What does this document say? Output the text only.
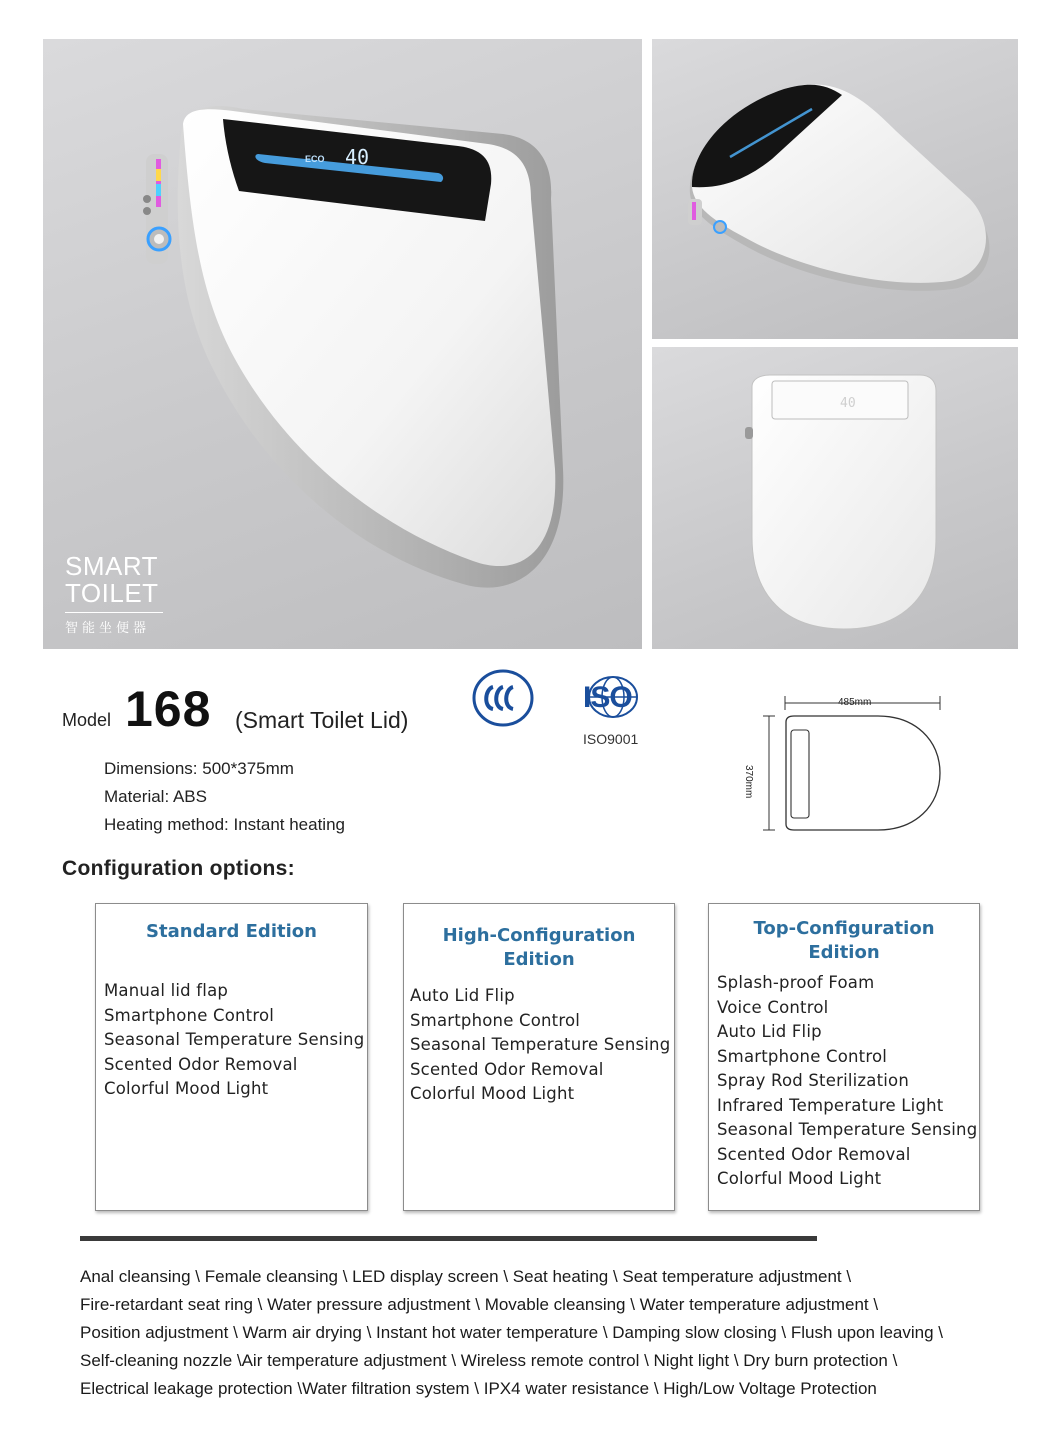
ECO 40
SMART
TOILET
智能坐便器
40
Model 168 (Smart Toilet Lid)
ISO
ISO9001
Dimensions: 500*375mm
Material: ABS
Heating method: Instant heating
485mm
370mm
Configuration options:
Standard Edition
Manual lid flap
Smartphone Control
Seasonal Temperature Sensing
Scented Odor Removal
Colorful Mood Light
High-Configuration
Edition
Auto Lid Flip
Smartphone Control
Seasonal Temperature Sensing
Scented Odor Removal
Colorful Mood Light
Top-Configuration
Edition
Splash-proof Foam
Voice Control
Auto Lid Flip
Smartphone Control
Spray Rod Sterilization
Infrared Temperature Light
Seasonal Temperature Sensing
Scented Odor Removal
Colorful Mood Light
Anal cleansing \ Female cleansing \ LED display screen \ Seat heating \ Seat temperature adjustment \
Fire-retardant seat ring \ Water pressure adjustment \ Movable cleansing \ Water temperature adjustment \
Position adjustment \ Warm air drying \ Instant hot water temperature \ Damping slow closing \ Flush upon leaving \
Self-cleaning nozzle \Air temperature adjustment \ Wireless remote control \ Night light \ Dry burn protection \
Electrical leakage protection \Water filtration system \ IPX4 water resistance \ High/Low Voltage Protection
